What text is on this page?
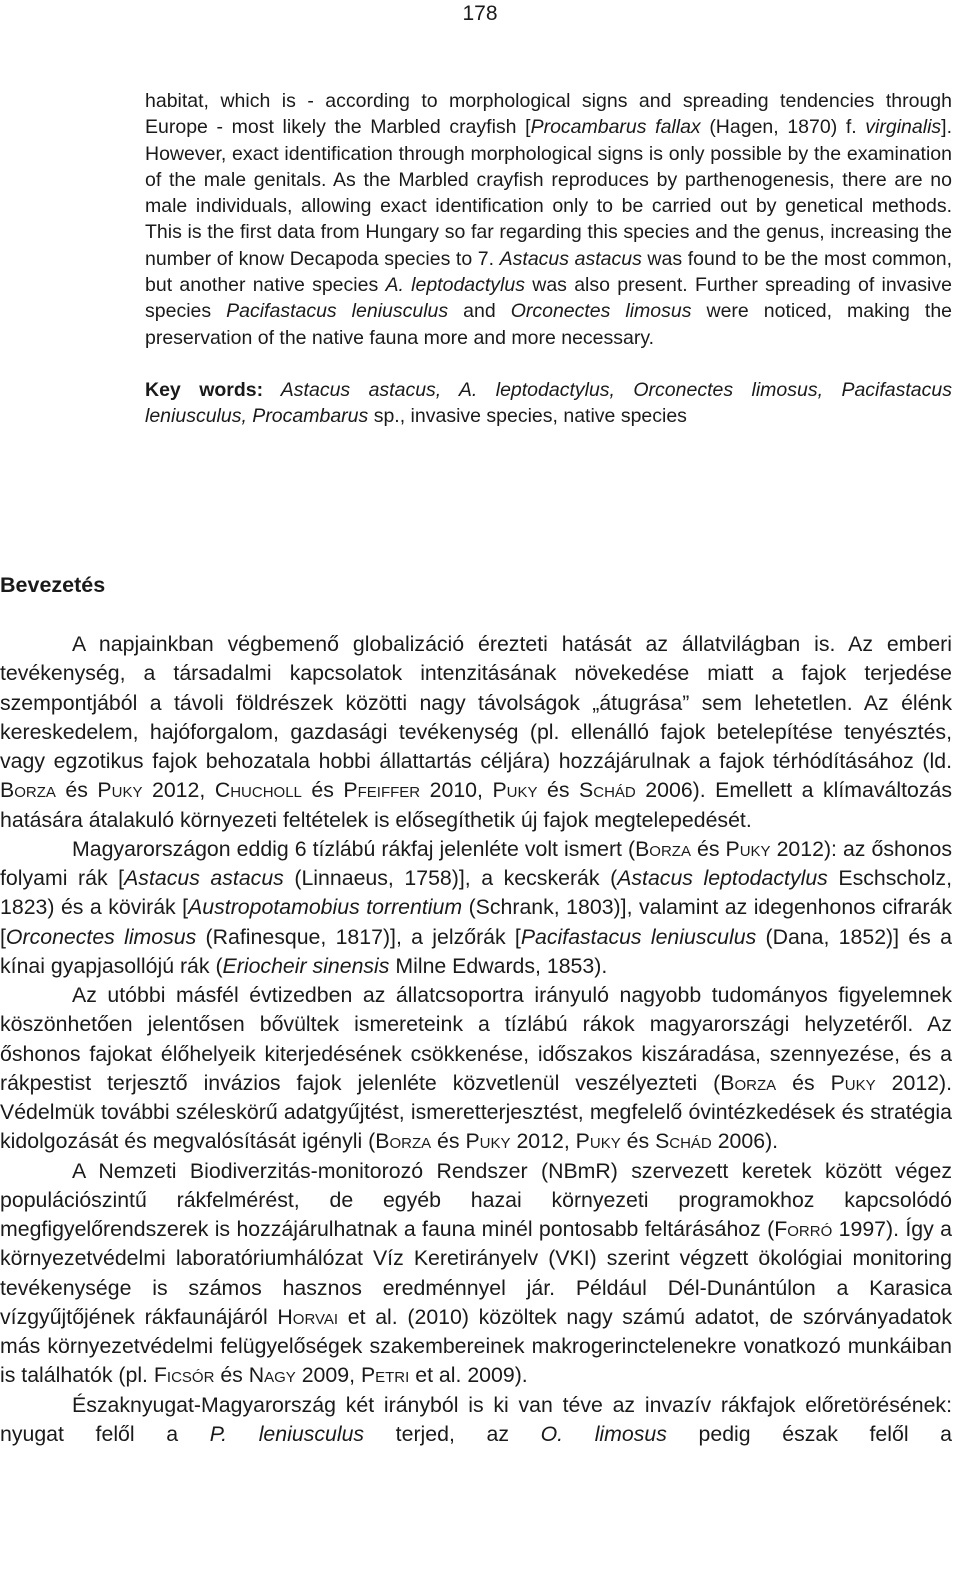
178

habitat, which is - according to morphological signs and spreading tendencies through Europe - most likely the Marbled crayfish [Procambarus fallax (Hagen, 1870) f. virginalis]. However, exact identification through morphological signs is only possible by the examination of the male genitals. As the Marbled crayfish reproduces by parthenogenesis, there are no male individuals, allowing exact identification only to be carried out by genetical methods. This is the first data from Hungary so far regarding this species and the genus, increasing the number of know Decapoda species to 7. Astacus astacus was found to be the most common, but another native species A. leptodactylus was also present. Further spreading of invasive species Pacifastacus leniusculus and Orconectes limosus were noticed, making the preservation of the native fauna more and more necessary.

Key words: Astacus astacus, A. leptodactylus, Orconectes limosus, Pacifastacus leniusculus, Procambarus sp., invasive species, native species

Bevezetés

A napjainkban végbemenő globalizáció érezteti hatását az állatvilágban is. Az emberi tevékenység, a társadalmi kapcsolatok intenzitásának növekedése miatt a fajok terjedése szempontjából a távoli földrészek közötti nagy távolságok „átugrása” sem lehetetlen. Az élénk kereskedelem, hajóforgalom, gazdasági tevékenység (pl. ellenálló fajok betelepítése tenyésztés, vagy egzotikus fajok behozatala hobbi állattartás céljára) hozzájárulnak a fajok térhódításához (ld. Borza és Puky 2012, Chucholl és Pfeiffer 2010, Puky és Schád 2006). Emellett a klímaváltozás hatására átalakuló környezeti feltételek is elősegíthetik új fajok megtelepedését.

Magyarországon eddig 6 tízlábú rákfaj jelenléte volt ismert (Borza és Puky 2012): az őshonos folyami rák [Astacus astacus (Linnaeus, 1758)], a kecskerák (Astacus leptodactylus Eschscholz, 1823) és a kövirák [Austropotamobius torrentium (Schrank, 1803)], valamint az idegenhonos cifrarák [Orconectes limosus (Rafinesque, 1817)], a jelzőrák [Pacifastacus leniusculus (Dana, 1852)] és a kínai gyapjasollójú rák (Eriocheir sinensis Milne Edwards, 1853).

Az utóbbi másfél évtizedben az állatcsoportra irányuló nagyobb tudományos figyelemnek köszönhetően jelentősen bővültek ismereteink a tízlábú rákok magyarországi helyzetéről. Az őshonos fajokat élőhelyeik kiterjedésének csökkenése, időszakos kiszáradása, szennyezése, és a rákpestist terjesztő invázios fajok jelenléte közvetlenül veszélyezteti (Borza és Puky 2012). Védelmük további széleskörű adatgyűjtést, ismeretterjesztést, megfelelő óvintézkedések és stratégia kidolgozását és megvalósítását igényli (Borza és Puky 2012, Puky és Schád 2006).

A Nemzeti Biodiverzitás-monitorozó Rendszer (NBmR) szervezett keretek között végez populációszintű rákfelmérést, de egyéb hazai környezeti programokhoz kapcsolódó megfigyelőrendszerek is hozzájárulhatnak a fauna minél pontosabb feltárásához (Forró 1997). Így a környezetvédelmi laboratóriumhálózat Víz Keretirányelv (VKI) szerint végzett ökológiai monitoring tevékenysége is számos hasznos eredménnyel jár. Például Dél-Dunántúlon a Karasica vízgyűjtőjének rákfaunájáról Horvai et al. (2010) közöltek nagy számú adatot, de szórványadatok más környezetvédelmi felügyelőségek szakembereinek makrogerinctelenekre vonatkozó munkáiban is találhatók (pl. Ficsór és Nagy 2009, Petri et al. 2009).

Északnyugat-Magyarország két irányból is ki van téve az invazív rákfajok előretörésének: nyugat felől a P. leniusculus terjed, az O. limosus pedig észak felől a
